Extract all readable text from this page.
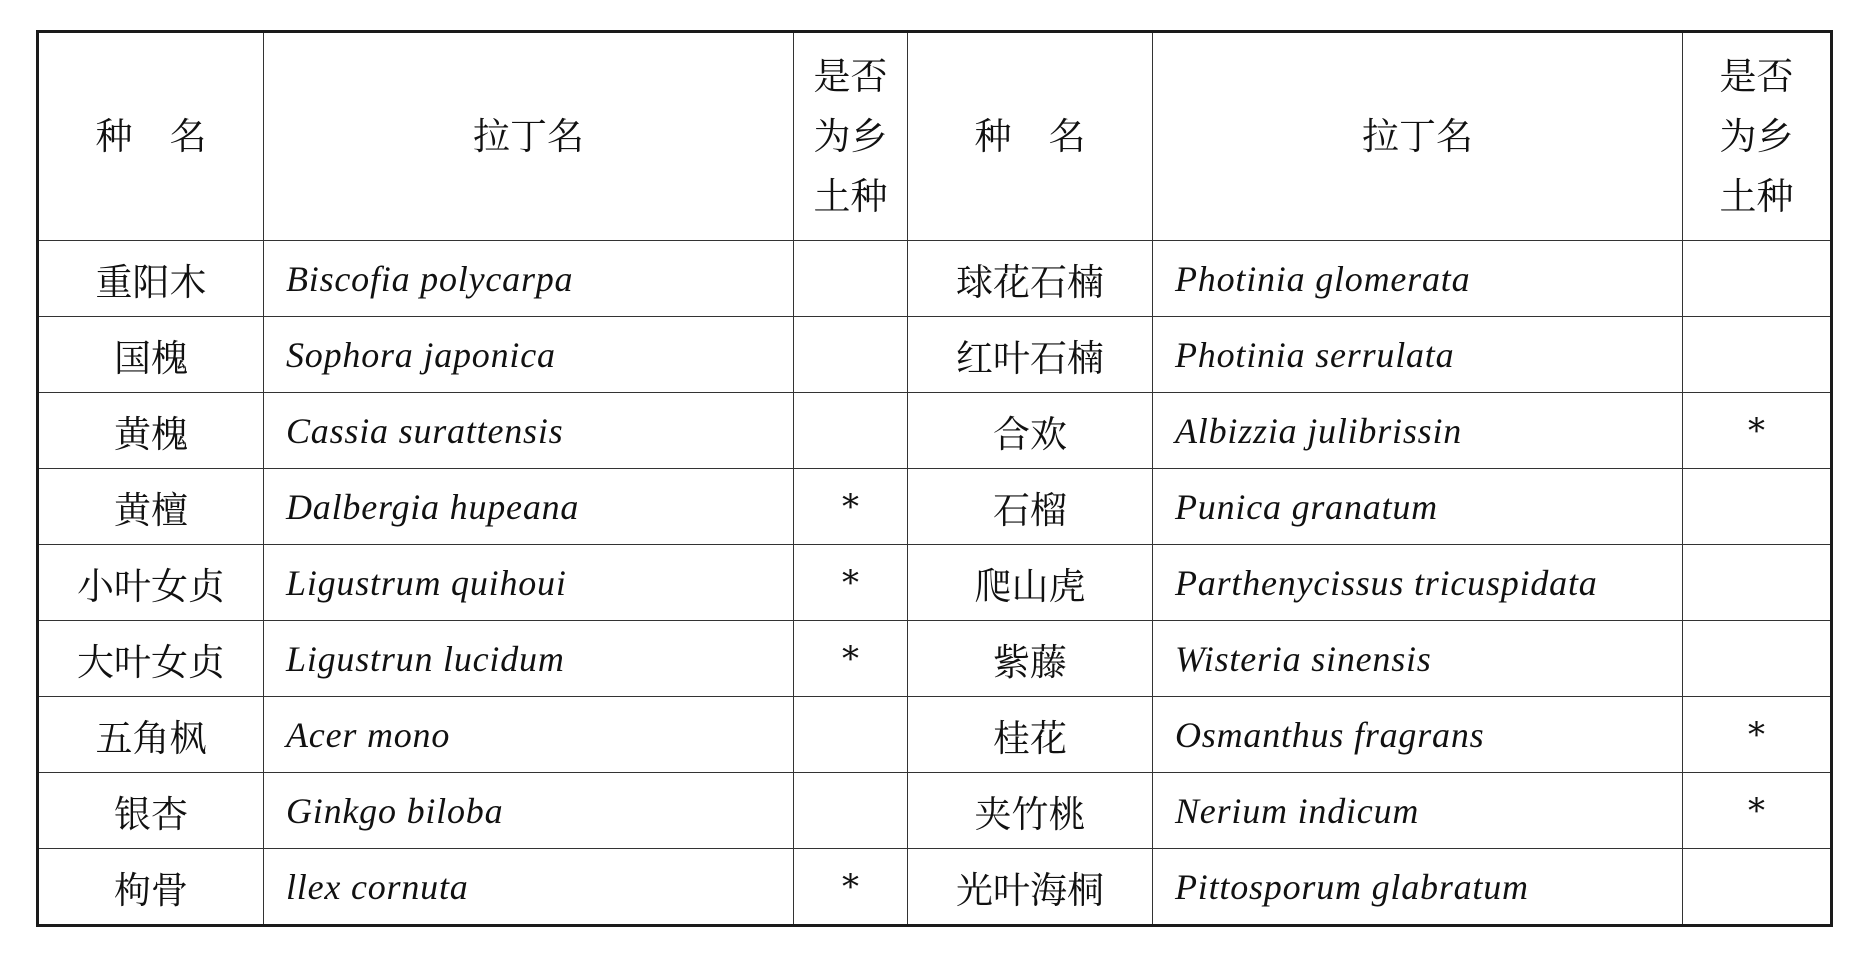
种　名	拉丁名	是否
为乡
土种	种　名	拉丁名	是否
为乡
土种

重阳木	Biscofia polycarpa		球花石楠	Photinia glomerata	
国槐	Sophora japonica		红叶石楠	Photinia serrulata	
黄槐	Cassia surattensis		合欢	Albizzia julibrissin	*
黄檀	Dalbergia hupeana	*	石榴	Punica granatum	
小叶女贞	Ligustrum quihoui	*	爬山虎	Parthenycissus tricuspidata	
大叶女贞	Ligustrun lucidum	*	紫藤	Wisteria sinensis	
五角枫	Acer mono		桂花	Osmanthus fragrans	*
银杏	Ginkgo biloba		夹竹桃	Nerium indicum	*
枸骨	llex cornuta	*	光叶海桐	Pittosporum glabratum	
